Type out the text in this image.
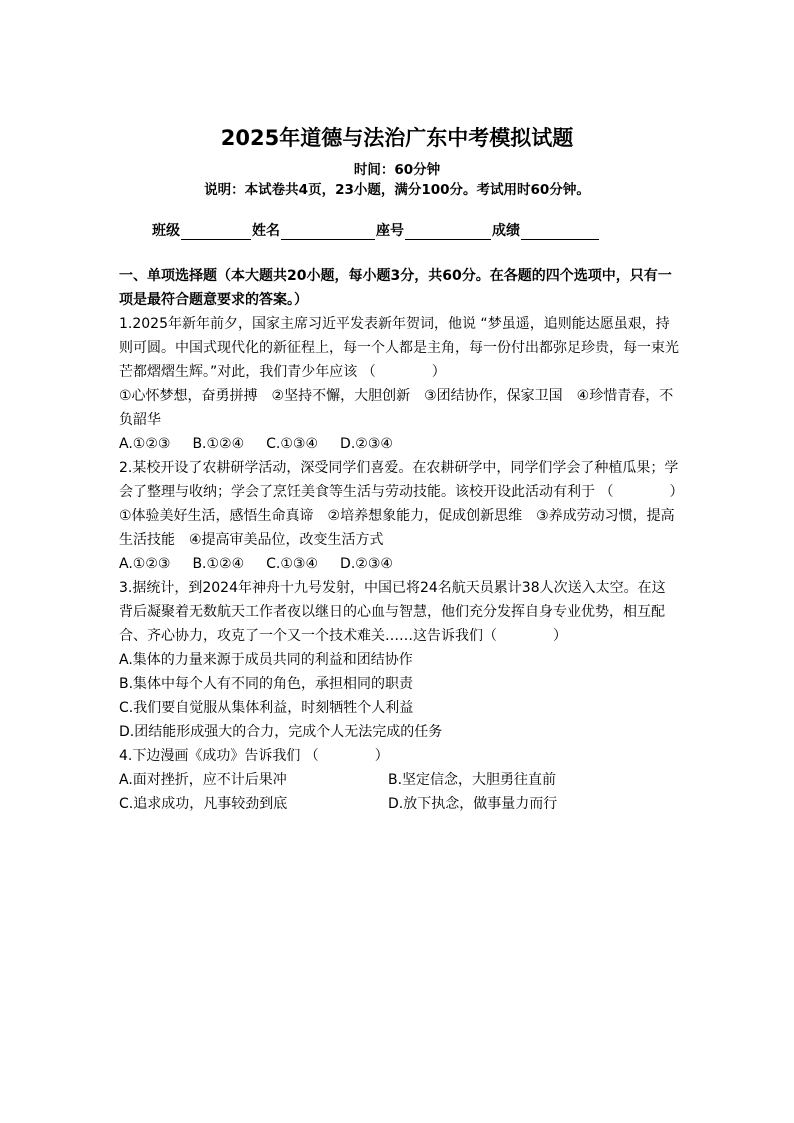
2025年道德与法治广东中考模拟试题
时间：60分钟
说明：本试卷共4页，23小题，满分100分。考试用时60分钟。
班级	姓名	座号	成绩
一、单项选择题（本大题共20小题，每小题3分，共60分。在各题的四个选项中，只有一项是最符合题意要求的答案。）
1.2025年新年前夕，国家主席习近平发表新年贺词，他说 “梦虽遥，追则能达愿虽艰，持则可圆。中国式现代化的新征程上，每一个人都是主角，每一份付出都弥足珍贵，每一束光芒都熠熠生辉。”对此，我们青少年应该 （　　　　）
①心怀梦想，奋勇拼搏　②坚持不懈，大胆创新　③团结协作，保家卫国　④珍惜青春，不负韶华
A.①②③ B.①②④ C.①③④ D.②③④
2.某校开设了农耕研学活动，深受同学们喜爱。在农耕研学中，同学们学会了种植瓜果；学会了整理与收纳；学会了烹饪美食等生活与劳动技能。该校开设此活动有利于 （　　　　）
①体验美好生活，感悟生命真谛　②培养想象能力，促成创新思维　③养成劳动习惯，提高生活技能　④提高审美品位，改变生活方式
A.①②③ B.①②④ C.①③④ D.②③④
3.据统计，到2024年神舟十九号发射，中国已将24名航天员累计38人次送入太空。在这背后凝聚着无数航天工作者夜以继日的心血与智慧，他们充分发挥自身专业优势，相互配合、齐心协力，攻克了一个又一个技术难关……这告诉我们（　　　　）
A.集体的力量来源于成员共同的利益和团结协作
B.集体中每个人有不同的角色，承担相同的职责
C.我们要自觉服从集体利益，时刻牺牲个人利益
D.团结能形成强大的合力，完成个人无法完成的任务
4.下边漫画《成功》告诉我们 （　　　　）
A.面对挫折，应不计后果冲	B.坚定信念，大胆勇往直前
C.追求成功，凡事较劲到底	D.放下执念，做事量力而行
